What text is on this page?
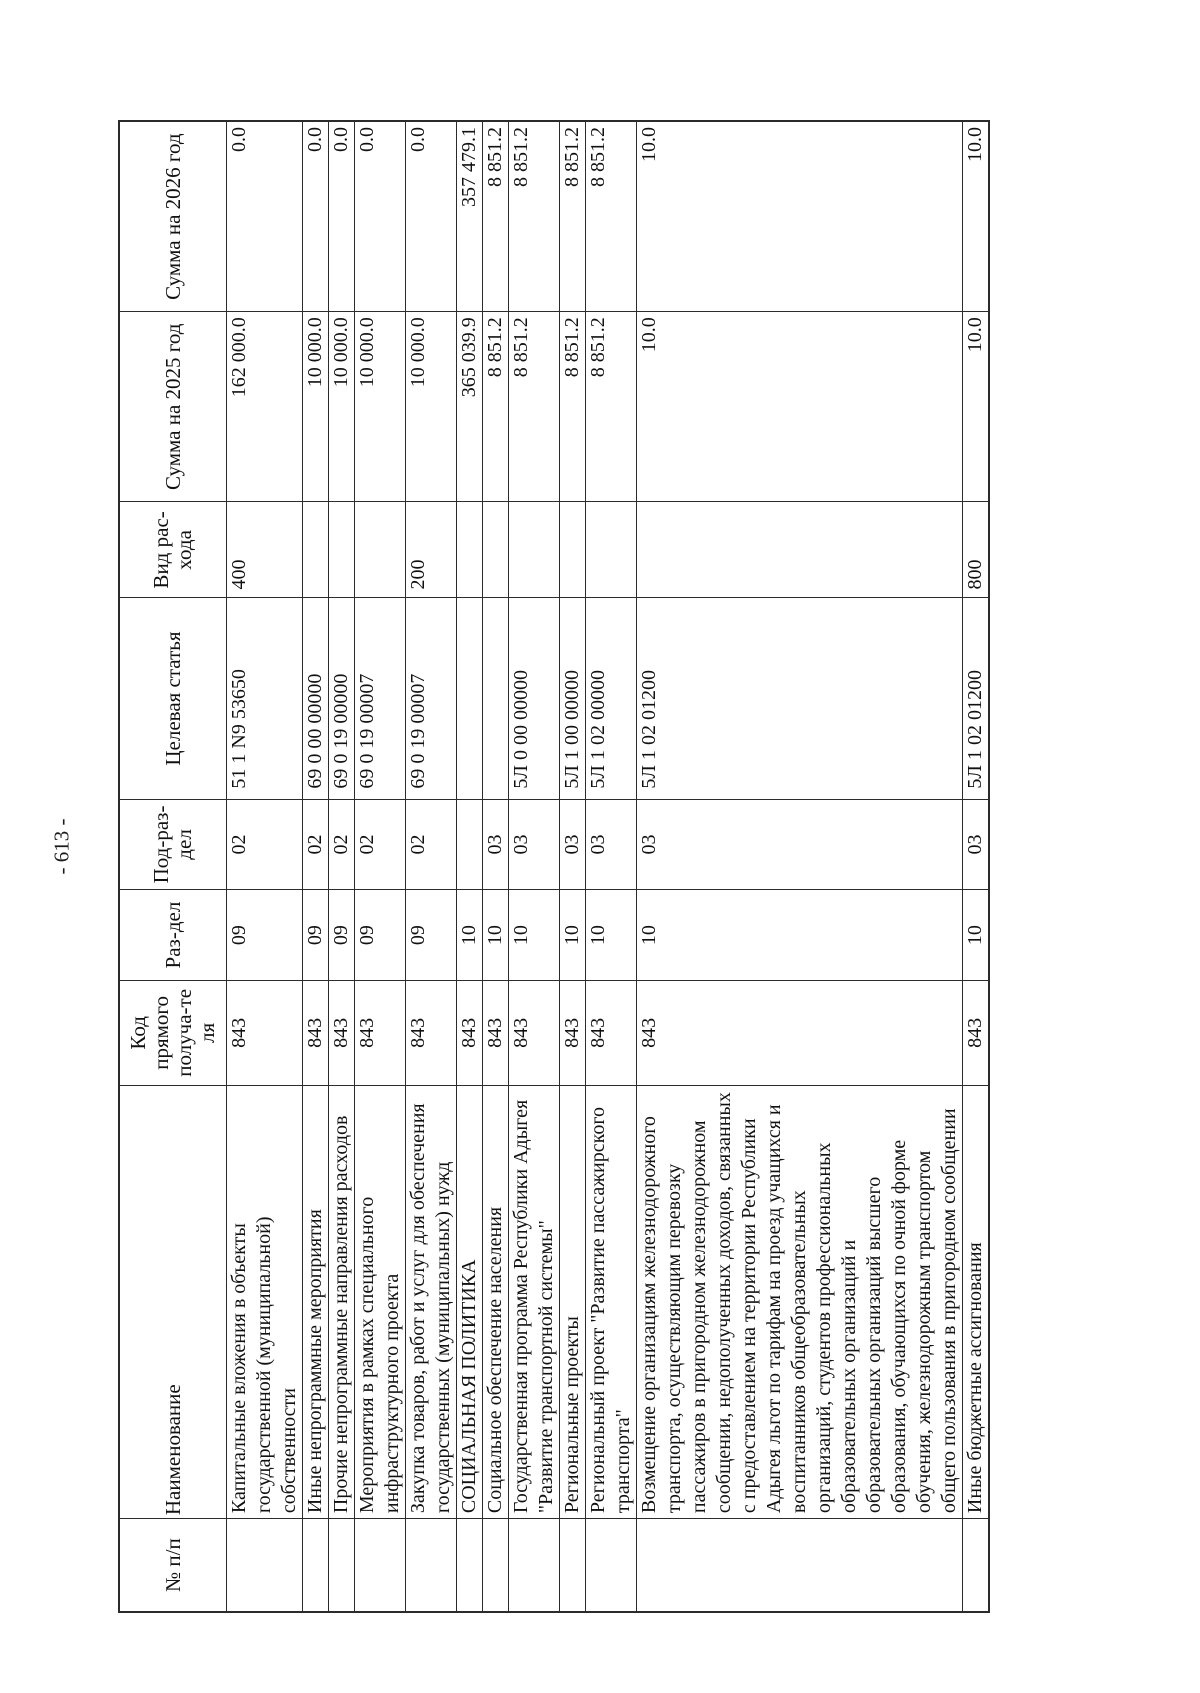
- 613 -
№ п/п	Наименование	Код прямого получа-те ля	Раз-дел	Под-раз-дел	Целевая статья	Вид рас-хода	Сумма на 2025 год	Сумма на 2026 год
	Капитальные вложения в объекты государственной (муниципальной) собственности	843	09	02	51 1 N9 53650	400	162 000.0	0.0
	Иные непрограммные мероприятия	843	09	02	69 0 00 00000		10 000.0	0.0
	Прочие непрограммные направления расходов	843	09	02	69 0 19 00000		10 000.0	0.0
	Мероприятия в рамках специального инфраструктурного проекта	843	09	02	69 0 19 00007		10 000.0	0.0
	Закупка товаров, работ и услуг для обеспечения государственных (муниципальных) нужд	843	09	02	69 0 19 00007	200	10 000.0	0.0
	СОЦИАЛЬНАЯ ПОЛИТИКА	843	10				365 039.9	357 479.1
	Социальное обеспечение населения	843	10	03			8 851.2	8 851.2
	Государственная программа Республики Адыгея "Развитие транспортной системы"	843	10	03	5Л 0 00 00000		8 851.2	8 851.2
	Региональные проекты	843	10	03	5Л 1 00 00000		8 851.2	8 851.2
	Региональный проект "Развитие пассажирского транспорта"	843	10	03	5Л 1 02 00000		8 851.2	8 851.2
	Возмещение организациям железнодорожного транспорта, осуществляющим перевозку пассажиров в пригородном железнодорожном сообщении, недополученных доходов, связанных с предоставлением на территории Республики Адыгея льгот по тарифам на проезд учащихся и воспитанников общеобразовательных организаций, студентов профессиональных образовательных организаций и образовательных организаций высшего образования, обучающихся по очной форме обучения, железнодорожным транспортом общего пользования в пригородном сообщении	843	10	03	5Л 1 02 01200		10.0	10.0
	Иные бюджетные ассигнования	843	10	03	5Л 1 02 01200	800	10.0	10.0
